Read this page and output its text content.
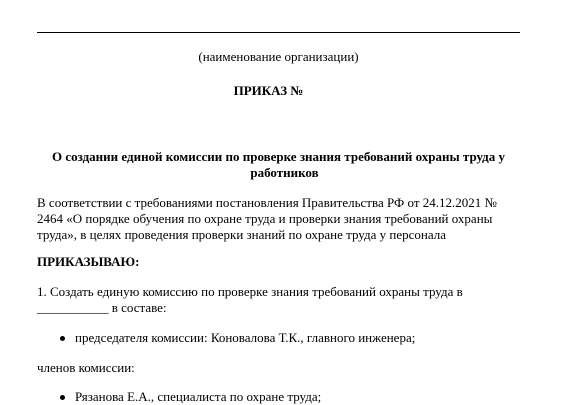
(наименование организации)
ПРИКАЗ №
О создании единой комиссии по проверке знания требований охраны труда у
работников
В соответствии с требованиями постановления Правительства РФ от 24.12.2021 №
2464 «О порядке обучения по охране труда и проверки знания требований охраны
труда», в целях проведения проверки знаний по охране труда у персонала
ПРИКАЗЫВАЮ:
1. Создать единую комиссию по проверке знания требований охраны труда в
___________ в составе:
председателя комиссии: Коновалова Т.К., главного инженера;
членов комиссии:
Рязанова Е.А., специалиста по охране труда;
